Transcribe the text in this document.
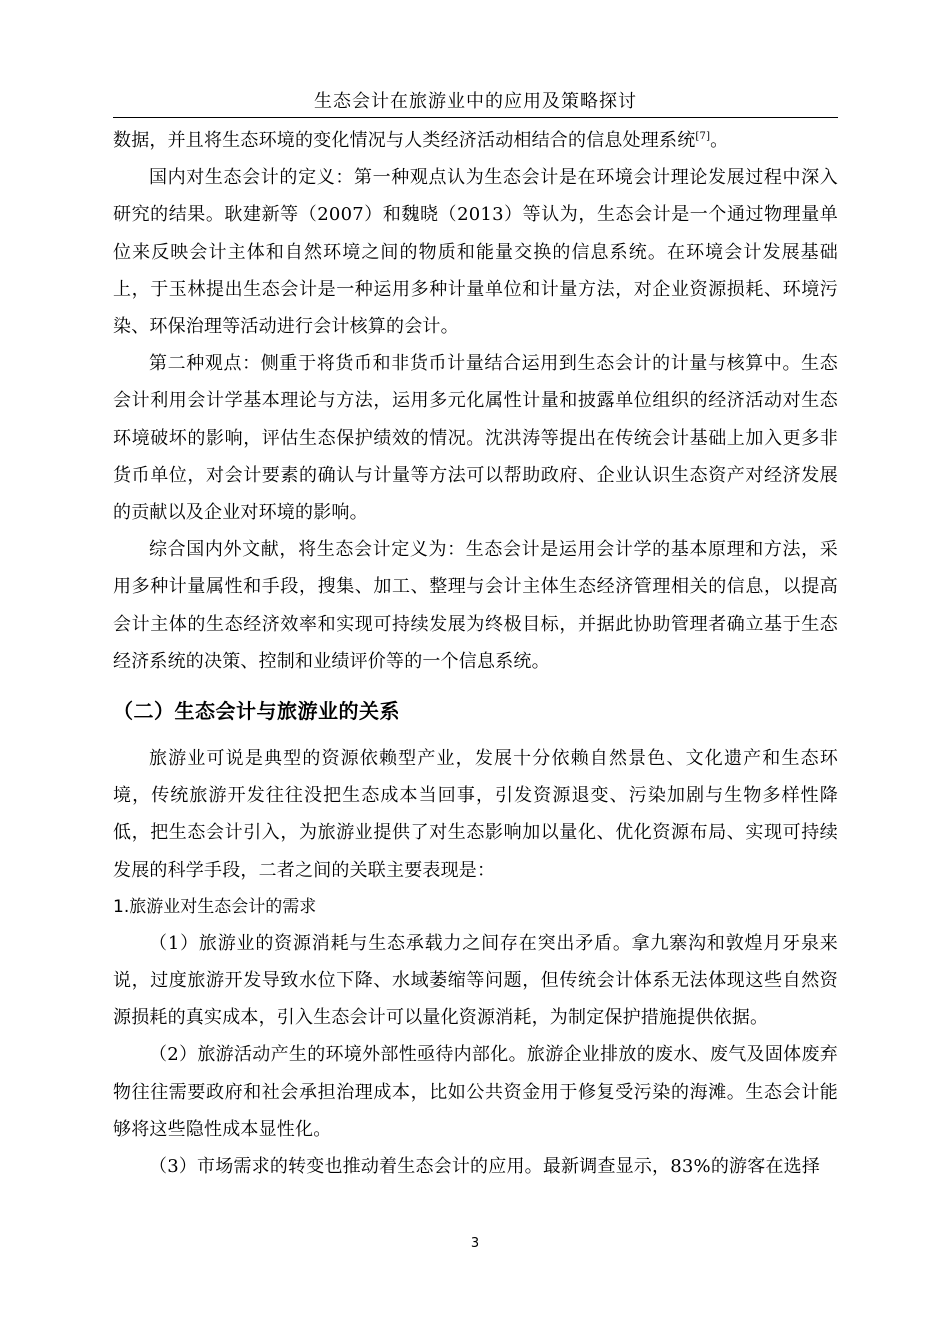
生态会计在旅游业中的应用及策略探讨

数据，并且将生态环境的变化情况与人类经济活动相结合的信息处理系统[7]。

国内对生态会计的定义：第一种观点认为生态会计是在环境会计理论发展过程中深入研究的结果。耿建新等（2007）和魏晓（2013）等认为，生态会计是一个通过物理量单位来反映会计主体和自然环境之间的物质和能量交换的信息系统。在环境会计发展基础上，于玉林提出生态会计是一种运用多种计量单位和计量方法，对企业资源损耗、环境污染、环保治理等活动进行会计核算的会计。

第二种观点：侧重于将货币和非货币计量结合运用到生态会计的计量与核算中。生态会计利用会计学基本理论与方法，运用多元化属性计量和披露单位组织的经济活动对生态环境破坏的影响，评估生态保护绩效的情况。沈洪涛等提出在传统会计基础上加入更多非货币单位，对会计要素的确认与计量等方法可以帮助政府、企业认识生态资产对经济发展的贡献以及企业对环境的影响。

综合国内外文献，将生态会计定义为：生态会计是运用会计学的基本原理和方法，采用多种计量属性和手段，搜集、加工、整理与会计主体生态经济管理相关的信息，以提高会计主体的生态经济效率和实现可持续发展为终极目标，并据此协助管理者确立基于生态经济系统的决策、控制和业绩评价等的一个信息系统。

（二）生态会计与旅游业的关系

旅游业可说是典型的资源依赖型产业，发展十分依赖自然景色、文化遗产和生态环境，传统旅游开发往往没把生态成本当回事，引发资源退变、污染加剧与生物多样性降低，把生态会计引入，为旅游业提供了对生态影响加以量化、优化资源布局、实现可持续发展的科学手段，二者之间的关联主要表现是：

1.旅游业对生态会计的需求

（1）旅游业的资源消耗与生态承载力之间存在突出矛盾。拿九寨沟和敦煌月牙泉来说，过度旅游开发导致水位下降、水域萎缩等问题，但传统会计体系无法体现这些自然资源损耗的真实成本，引入生态会计可以量化资源消耗，为制定保护措施提供依据。

（2）旅游活动产生的环境外部性亟待内部化。旅游企业排放的废水、废气及固体废弃物往往需要政府和社会承担治理成本，比如公共资金用于修复受污染的海滩。生态会计能够将这些隐性成本显性化。

（3）市场需求的转变也推动着生态会计的应用。最新调查显示，83%的游客在选择

3
